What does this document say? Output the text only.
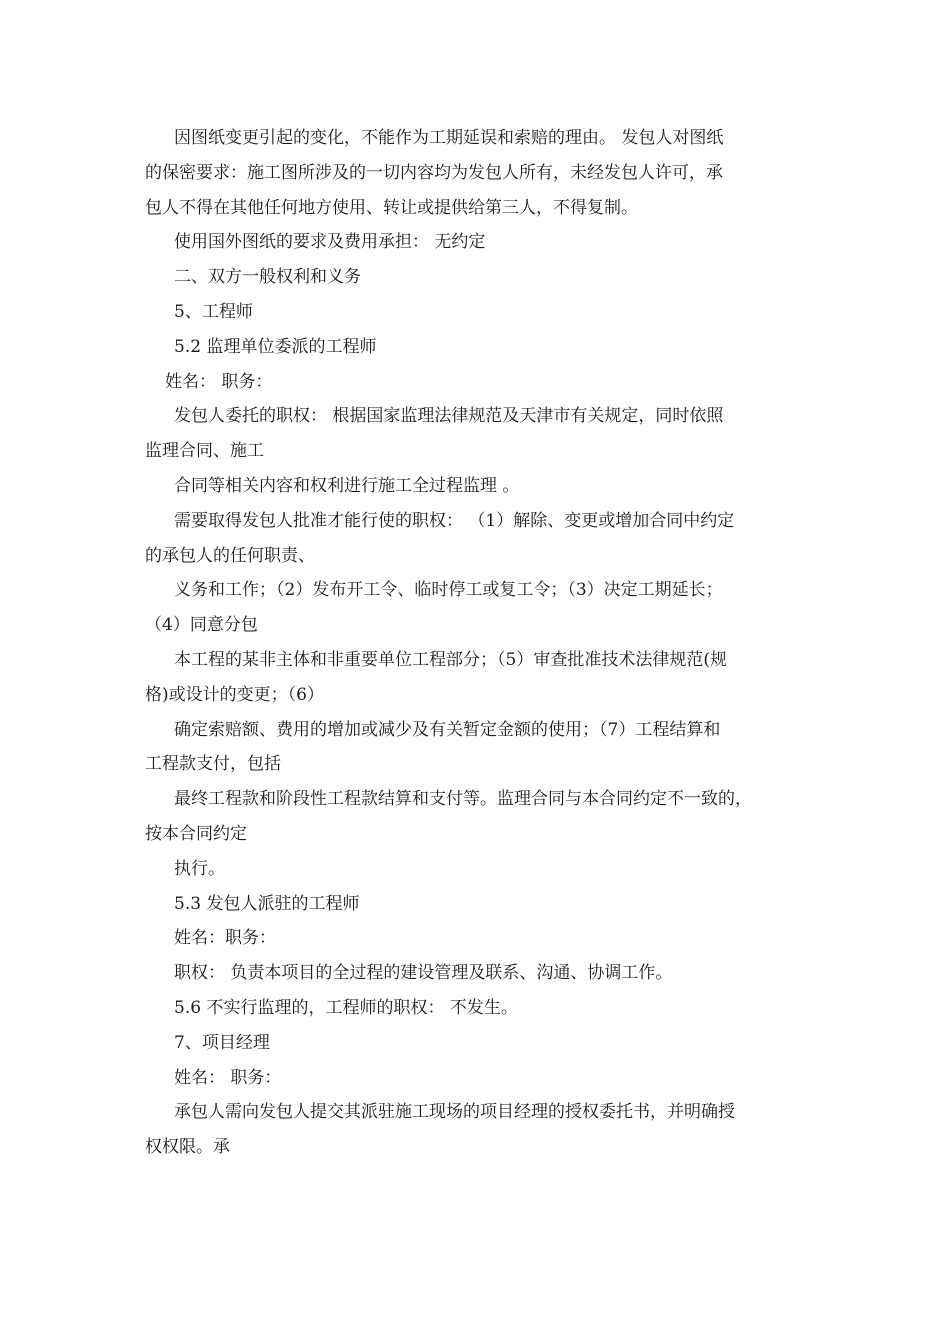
因图纸变更引起的变化，不能作为工期延误和索赔的理由。 发包人对图纸
的保密要求：施工图所涉及的一切内容均为发包人所有，未经发包人许可，承
包人不得在其他任何地方使用、转让或提供给第三人，不得复制。
使用国外图纸的要求及费用承担： 无约定
二、双方一般权利和义务
5、工程师
5.2 监理单位委派的工程师
姓名： 职务：
发包人委托的职权： 根据国家监理法律规范及天津市有关规定，同时依照
监理合同、施工
合同等相关内容和权利进行施工全过程监理 。
需要取得发包人批准才能行使的职权： （1）解除、变更或增加合同中约定
的承包人的任何职责、
义务和工作；（2）发布开工令、临时停工或复工令；（3）决定工期延长；
（4）同意分包
本工程的某非主体和非重要单位工程部分；（5）审查批准技术法律规范(规
格)或设计的变更；（6）
确定索赔额、费用的增加或减少及有关暂定金额的使用；（7）工程结算和
工程款支付，包括
最终工程款和阶段性工程款结算和支付等。监理合同与本合同约定不一致的，
按本合同约定
执行。
5.3 发包人派驻的工程师
姓名：职务：
职权： 负责本项目的全过程的建设管理及联系、沟通、协调工作。
5.6 不实行监理的，工程师的职权： 不发生。
7、项目经理
姓名： 职务：
承包人需向发包人提交其派驻施工现场的项目经理的授权委托书，并明确授
权权限。承
